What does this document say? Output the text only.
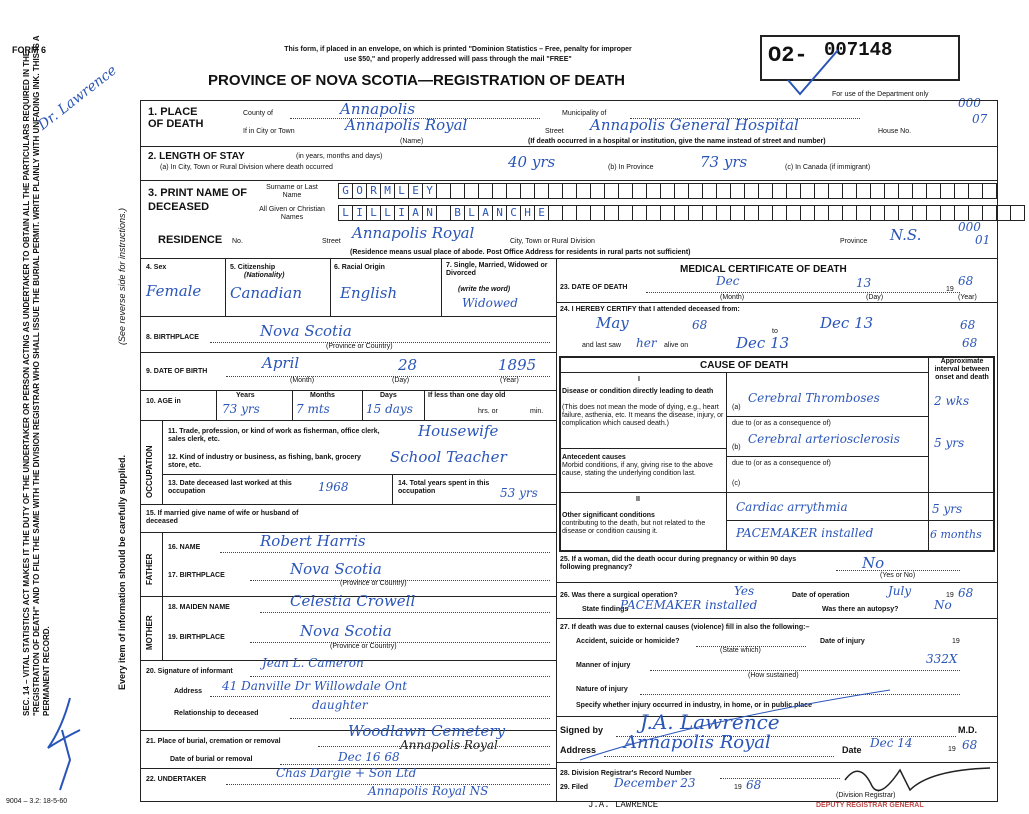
FORM 6	This form, if placed in an envelope, on which is printed "Dominion Statistics – Free, penalty for improper
use $50," and properly addressed will pass through the mail "FREE"
PROVINCE OF NOVA SCOTIA—REGISTRATION OF DEATH
O2- 007148
For use of the Department only
000
07
000
01
SEC. 14 – VITAL STATISTICS ACT MAKES IT THE DUTY OF THE UNDERTAKER OR PERSON ACTING AS UNDERTAKER TO OBTAIN ALL THE PARTICULARS REQUIRED IN THE "REGISTRATION OF DEATH" AND TO FILE THE SAME WITH THE DIVISION REGISTRAR WHO SHALL ISSUE THE BURIAL PERMIT. WRITE PLAINLY WITH UNFADING INK. THIS IS A PERMANENT RECORD.
(See reverse side for instructions.)
Every item of information should be carefully supplied.
Dr. Lawrence
9004 – 3.2: 18-5-60
1. PLACE OF DEATH
County of	Annapolis	Municipality of
If in City or Town	Annapolis Royal
(Name)
Street Annapolis General Hospital	House No.
(If death occurred in a hospital or institution, give the name instead of street and number)
2. LENGTH OF STAY	(in years, months and days)
(a) In City, Town or Rural Division where death occurred	40 yrs	(b) In Province	73 yrs	(c) In Canada (if immigrant)
3. PRINT NAME OF DECEASED
Surname or Last Name
All Given or Christian Names
G O R M L E Y
L I L L I A N	B L A N C H E
RESIDENCE No.	Street Annapolis Royal	City, Town or Rural Division	Province N.S.
(Residence means usual place of abode. Post Office Address for residents in rural parts not sufficient)
4. Sex
Female
5. Citizenship
(Nationality)
Canadian
6. Racial Origin
English
7. Single, Married, Widowed or Divorced
(write the word)
Widowed
8. BIRTHPLACE	Nova Scotia
(Province or Country)
9. DATE OF BIRTH	April	28	1895
(Month)	(Day)	(Year)
10. AGE in
Years	Months	Days
73 yrs	7 mts	15 days
If less than one day old
hrs. or	min.
OCCUPATION
11. Trade, profession, or kind of work as fisherman, office clerk, sales clerk, etc.	Housewife
12. Kind of industry or business, as fishing, bank, grocery store, etc.	School Teacher
13. Date deceased last worked at this occupation	1968	14. Total years spent in this occupation	53 yrs
15. If married give name of wife or husband of deceased
FATHER
16. NAME	Robert Harris
17. BIRTHPLACE	Nova Scotia
(Province or Country)
MOTHER
18. MAIDEN NAME	Celestia Crowell
19. BIRTHPLACE	Nova Scotia
(Province or Country)
20. Signature of informant
Jean L. Cameron
Address 41 Danville Dr Willowdale Ont
Relationship to deceased
daughter
21. Place of burial, cremation or removal
Woodlawn Cemetery
Annapolis Royal
Date of burial or removal	Dec 16 68
22. UNDERTAKER	Chas Dargie + Son Ltd
Annapolis Royal NS
MEDICAL CERTIFICATE OF DEATH
23. DATE OF DEATH	Dec	13	19
68
(Month)	(Day)	(Year)
24. I HEREBY CERTIFY that I attended deceased from:
May	68	to	Dec 13	68
and last saw her alive on	Dec 13	68
CAUSE OF DEATH	Approximate interval between onset and death
I
Disease or condition directly leading to death
(This does not mean the mode of dying, e.g., heart failure, asthenia, etc. It means the disease, injury, or complication which caused death.)
(a)
Cerebral Thromboses	2 wks
due to (or as a consequence of)
Antecedent causes
Morbid conditions, if any, giving rise to the above cause, stating the underlying condition last.
(b)
Cerebral arteriosclerosis	5 yrs
due to (or as a consequence of)
(c)
II
Other significant conditions
contributing to the death, but not related to the disease or condition causing it.
Cardiac arrythmia	5 yrs
PACEMAKER installed	6 months
25. If a woman, did the death occur during pregnancy or within 90 days following pregnancy?	No
(Yes or No)
26. Was there a surgical operation?	Yes	Date of operation	July	19 68
State findings
PACEMAKER installed	Was there an autopsy?	No
27. If death was due to external causes (violence) fill in also the following:–
Accident, suicide or homicide?	Date of injury	19
(State which)
Manner of injury	332X
(How sustained)
Nature of injury
Specify whether injury occurred in industry, in home, or in public place
Signed by J.A. Lawrence	M.D.
Address Annapolis Royal	Date Dec 14	19 68
28. Division Registrar's Record Number
29. Filed December 23	19 68
(Division Registrar)
DEPUTY REGISTRAR GENERAL
J.A. LAWRENCE
